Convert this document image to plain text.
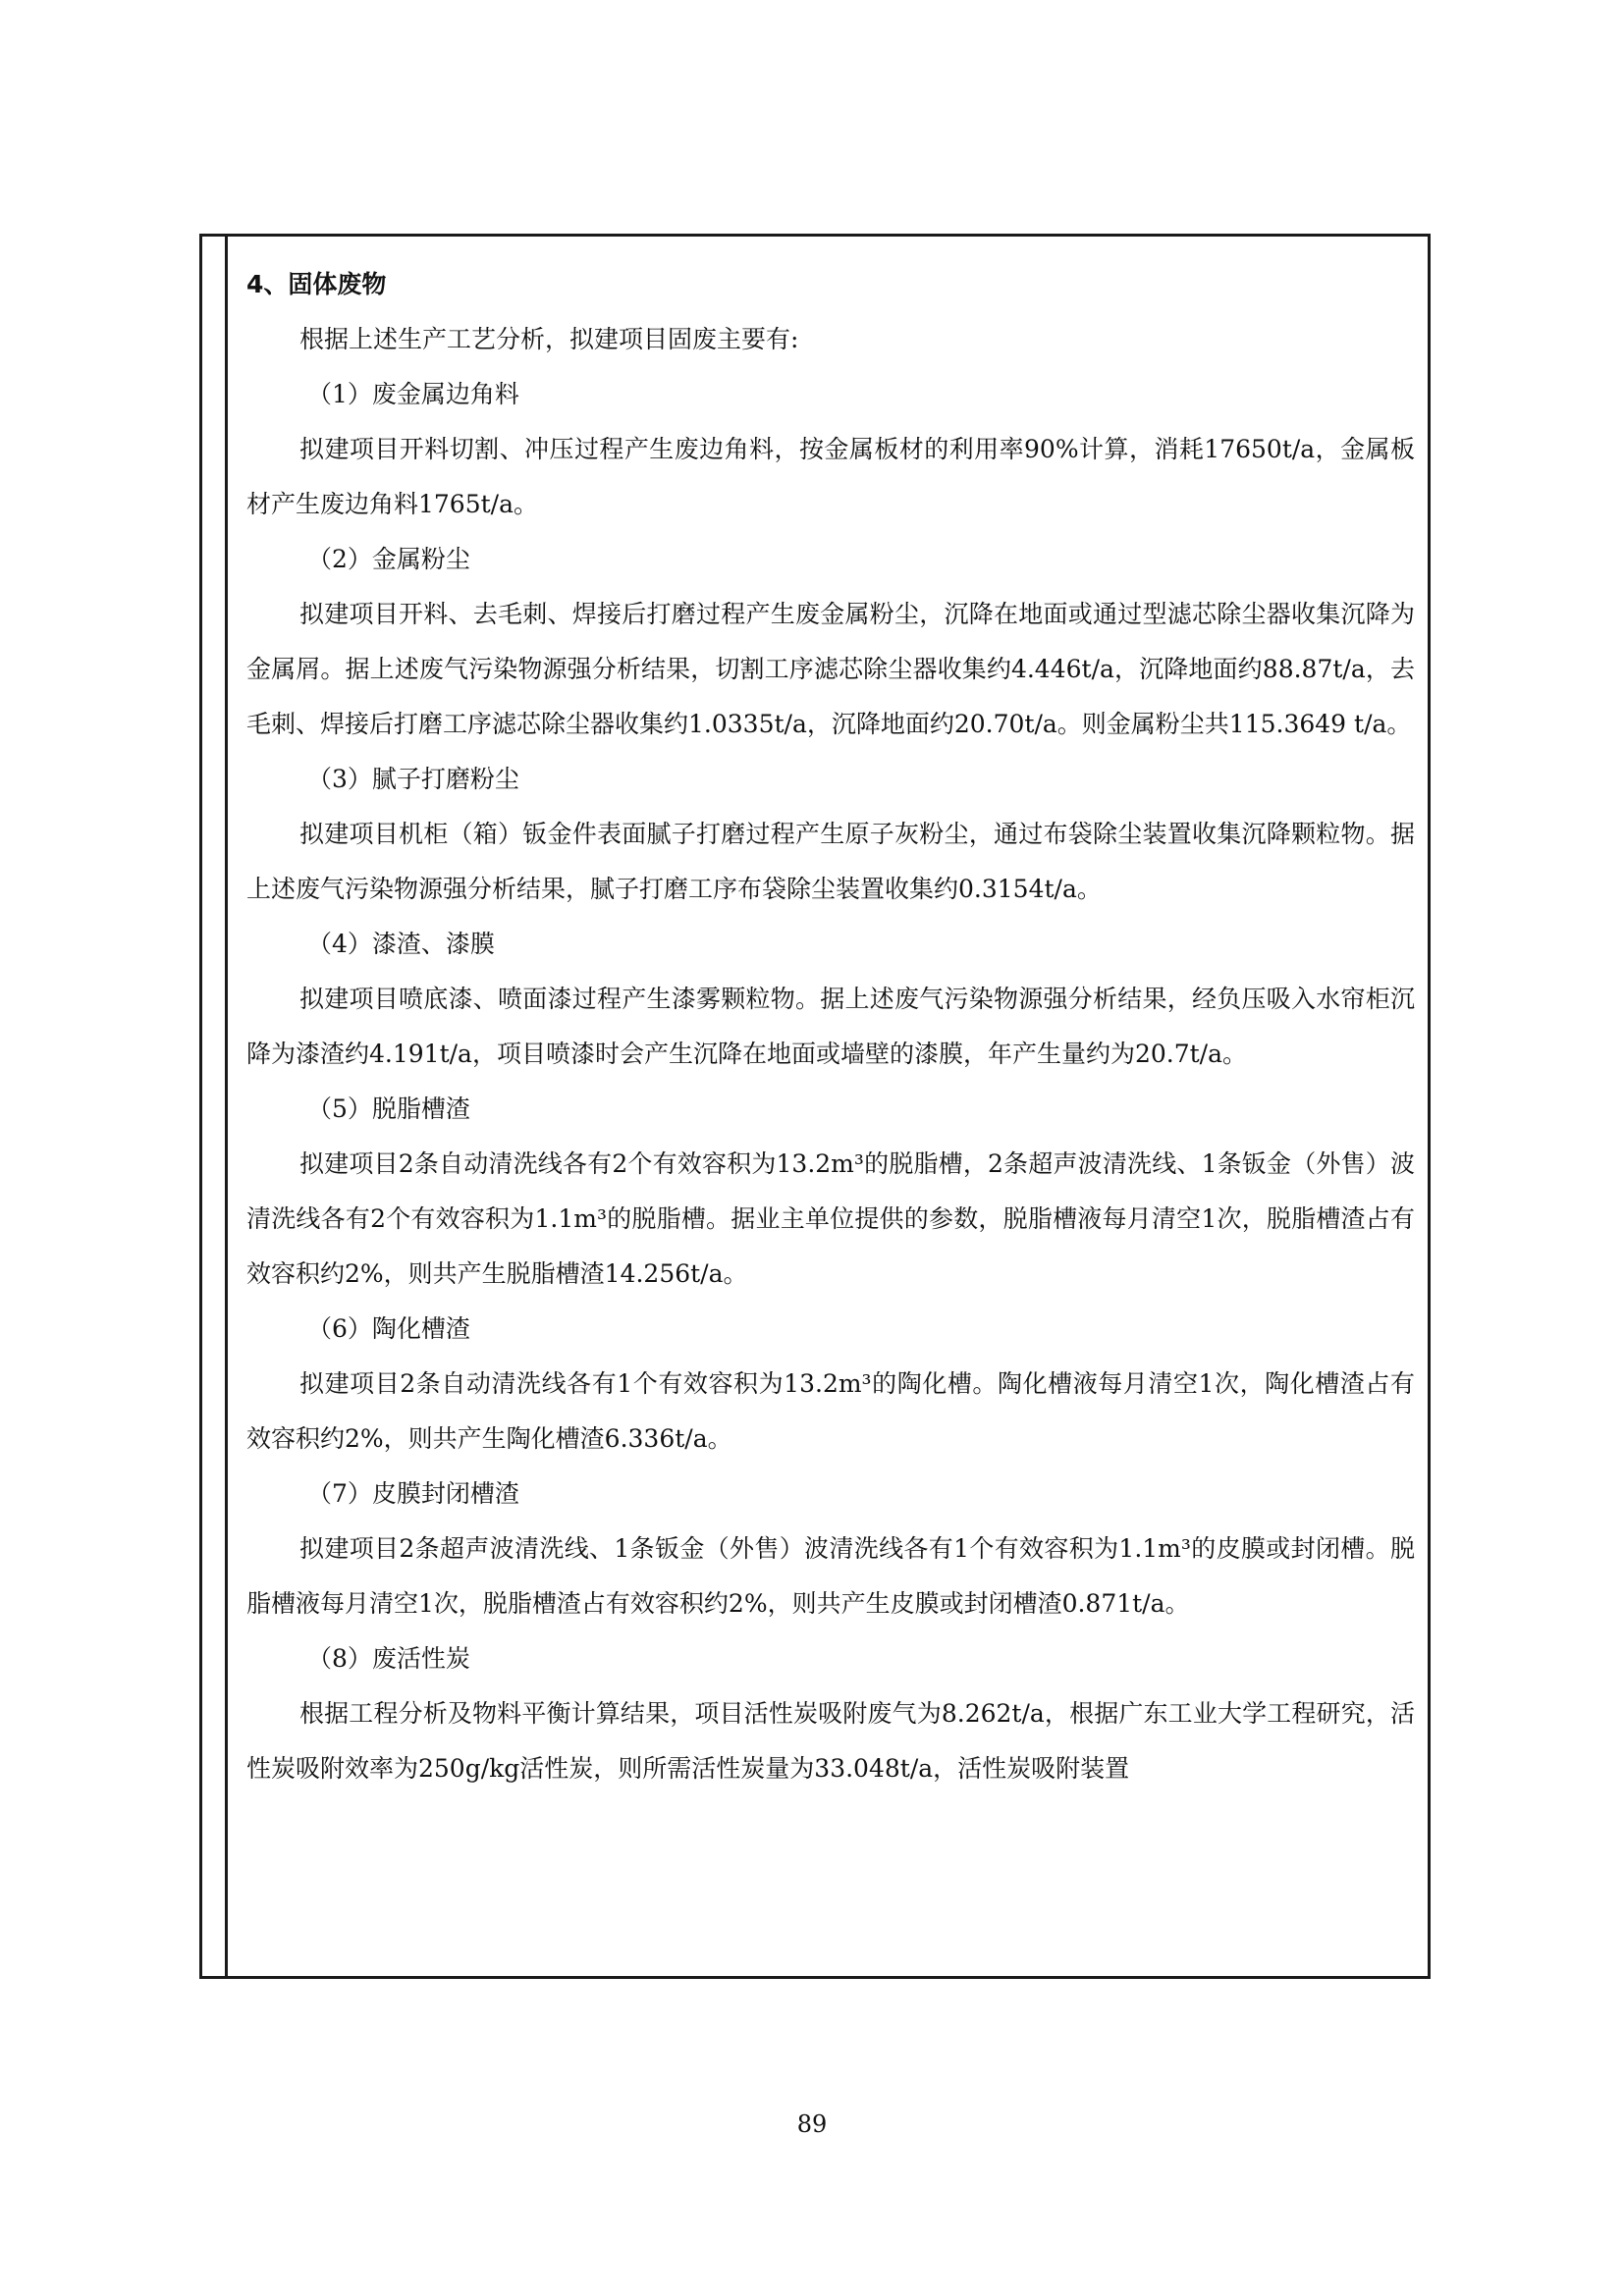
4、固体废物

根据上述生产工艺分析，拟建项目固废主要有:

（1）废金属边角料

拟建项目开料切割、冲压过程产生废边角料，按金属板材的利用率90%计算，消耗17650t/a，金属板材产生废边角料1765t/a。

（2）金属粉尘

拟建项目开料、去毛刺、焊接后打磨过程产生废金属粉尘，沉降在地面或通过型滤芯除尘器收集沉降为金属屑。据上述废气污染物源强分析结果，切割工序滤芯除尘器收集约4.446t/a，沉降地面约88.87t/a，去毛刺、焊接后打磨工序滤芯除尘器收集约1.0335t/a，沉降地面约20.70t/a。则金属粉尘共115.3649 t/a。

（3）腻子打磨粉尘

拟建项目机柜（箱）钣金件表面腻子打磨过程产生原子灰粉尘，通过布袋除尘装置收集沉降颗粒物。据上述废气污染物源强分析结果，腻子打磨工序布袋除尘装置收集约0.3154t/a。

（4）漆渣、漆膜

拟建项目喷底漆、喷面漆过程产生漆雾颗粒物。据上述废气污染物源强分析结果，经负压吸入水帘柜沉降为漆渣约4.191t/a，项目喷漆时会产生沉降在地面或墙壁的漆膜，年产生量约为20.7t/a。

（5）脱脂槽渣

拟建项目2条自动清洗线各有2个有效容积为13.2m³的脱脂槽，2条超声波清洗线、1条钣金（外售）波清洗线各有2个有效容积为1.1m³的脱脂槽。据业主单位提供的参数，脱脂槽液每月清空1次，脱脂槽渣占有效容积约2%，则共产生脱脂槽渣14.256t/a。

（6）陶化槽渣

拟建项目2条自动清洗线各有1个有效容积为13.2m³的陶化槽。陶化槽液每月清空1次，陶化槽渣占有效容积约2%，则共产生陶化槽渣6.336t/a。

（7）皮膜封闭槽渣

拟建项目2条超声波清洗线、1条钣金（外售）波清洗线各有1个有效容积为1.1m³的皮膜或封闭槽。脱脂槽液每月清空1次，脱脂槽渣占有效容积约2%，则共产生皮膜或封闭槽渣0.871t/a。

（8）废活性炭

根据工程分析及物料平衡计算结果，项目活性炭吸附废气为8.262t/a，根据广东工业大学工程研究，活性炭吸附效率为250g/kg活性炭，则所需活性炭量为33.048t/a，活性炭吸附装置

89
